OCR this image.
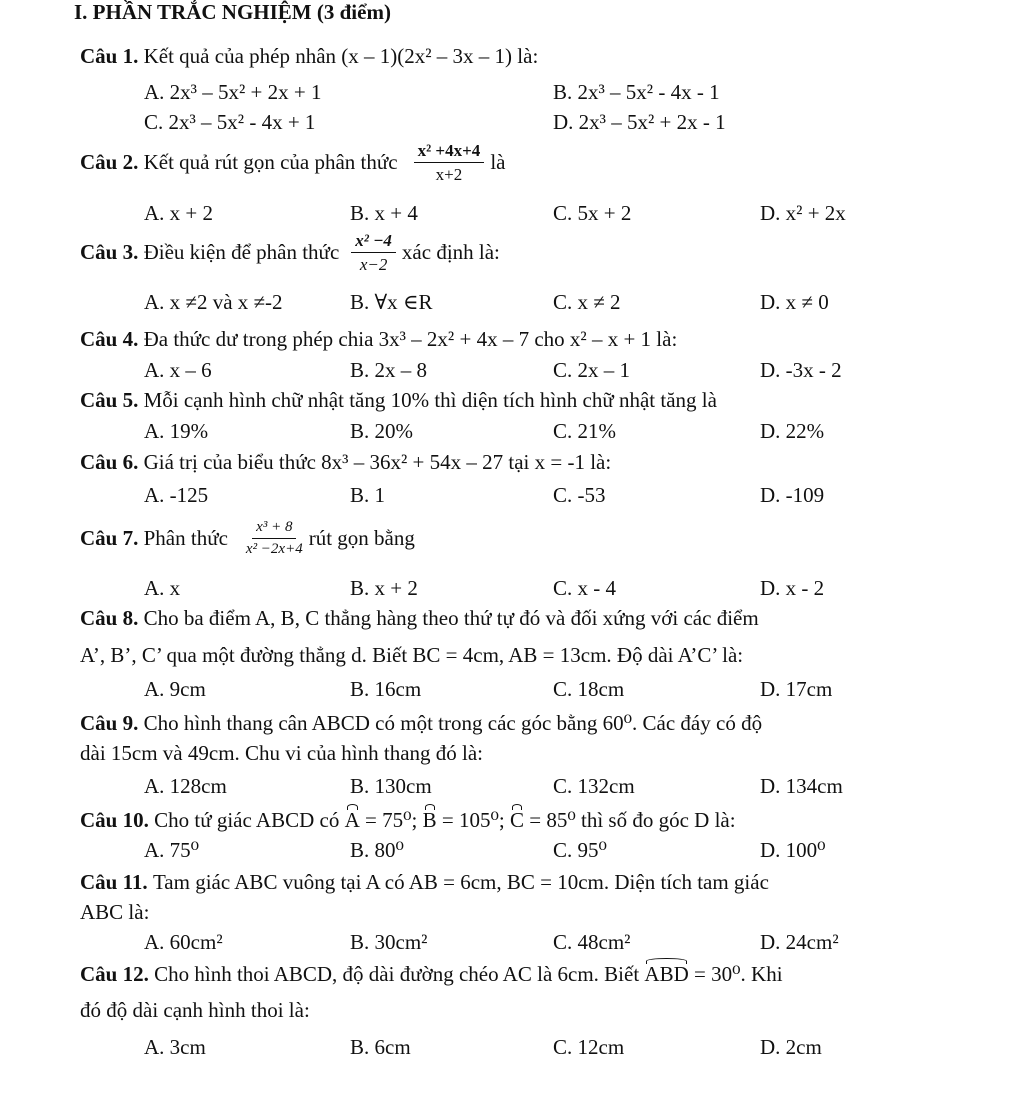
I. PHẦN TRẮC NGHIỆM (3 điểm)
Câu 1.
Kết quả của phép nhân (x – 1)(2x² – 3x – 1) là:
A. 2x³ – 5x² + 2x + 1	B. 2x³ – 5x² - 4x - 1
C. 2x³ – 5x² - 4x + 1	D. 2x³ – 5x² + 2x - 1
Câu 2.
Kết quả rút gọn của phân thức $\frac{\text{x² +4x+4}}{x+2}$ là
A. x + 2	B. x + 4	C. 5x + 2	D. x² + 2x
Câu 3.
Điều kiện để phân thức $\frac{\text{x² −4}}{x-2}$ xác định là:
A. x ≠2 và x ≠-2	B. ∀x ∈R	C. x ≠ 2	D. x ≠ 0
Câu 4.
Đa thức dư trong phép chia 3x³ – 2x² + 4x – 7 cho x² – x + 1 là:
A. x – 6	B. 2x – 8	C. 2x – 1	D. -3x - 2
Câu 5.
Mỗi cạnh hình chữ nhật tăng 10% thì diện tích hình chữ nhật tăng là
A. 19%	B. 20%	C. 21%	D. 22%
Câu 6.
Giá trị của biểu thức 8x³ – 36x² + 54x – 27 tại x = -1 là:
A. -125	B. 1	C. -53	D. -109
Câu 7.
Phân thức $\frac{\text{x³ + 8}}{\text{x² −2x+4}}$ rút gọn bằng
A. x	B. x + 2	C. x - 4	D. x - 2
Câu 8.
Cho ba điểm A, B, C thẳng hàng theo thứ tự đó và đối xứng với các điểm
A’, B’, C’ qua một đường thẳng d. Biết BC = 4cm, AB = 13cm. Độ dài A’C’ là:
A. 9cm	B. 16cm	C. 18cm	D. 17cm
Câu 9.
Cho hình thang cân ABCD có một trong các góc bằng 60⁰. Các đáy có độ
dài 15cm và 49cm. Chu vi của hình thang đó là:
A. 128cm	B. 130cm	C. 132cm	D. 134cm
Câu 10.
Cho tứ giác ABCD có
A = 75⁰; B = 105⁰; C = 85⁰ thì số đo góc D là:
A. 75⁰	B. 80⁰	C. 95⁰	D. 100⁰
Câu 11.
Tam giác ABC vuông tại A có AB = 6cm, BC = 10cm. Diện tích tam giác
ABC là:
A. 60cm²	B. 30cm²	C. 48cm²	D. 24cm²
Câu 12.
Cho hình thoi ABCD, độ dài đường chéo AC là 6cm. Biết
ABD = 30⁰. Khi
đó độ dài cạnh hình thoi là:
A. 3cm	B. 6cm	C. 12cm	D. 2cm
